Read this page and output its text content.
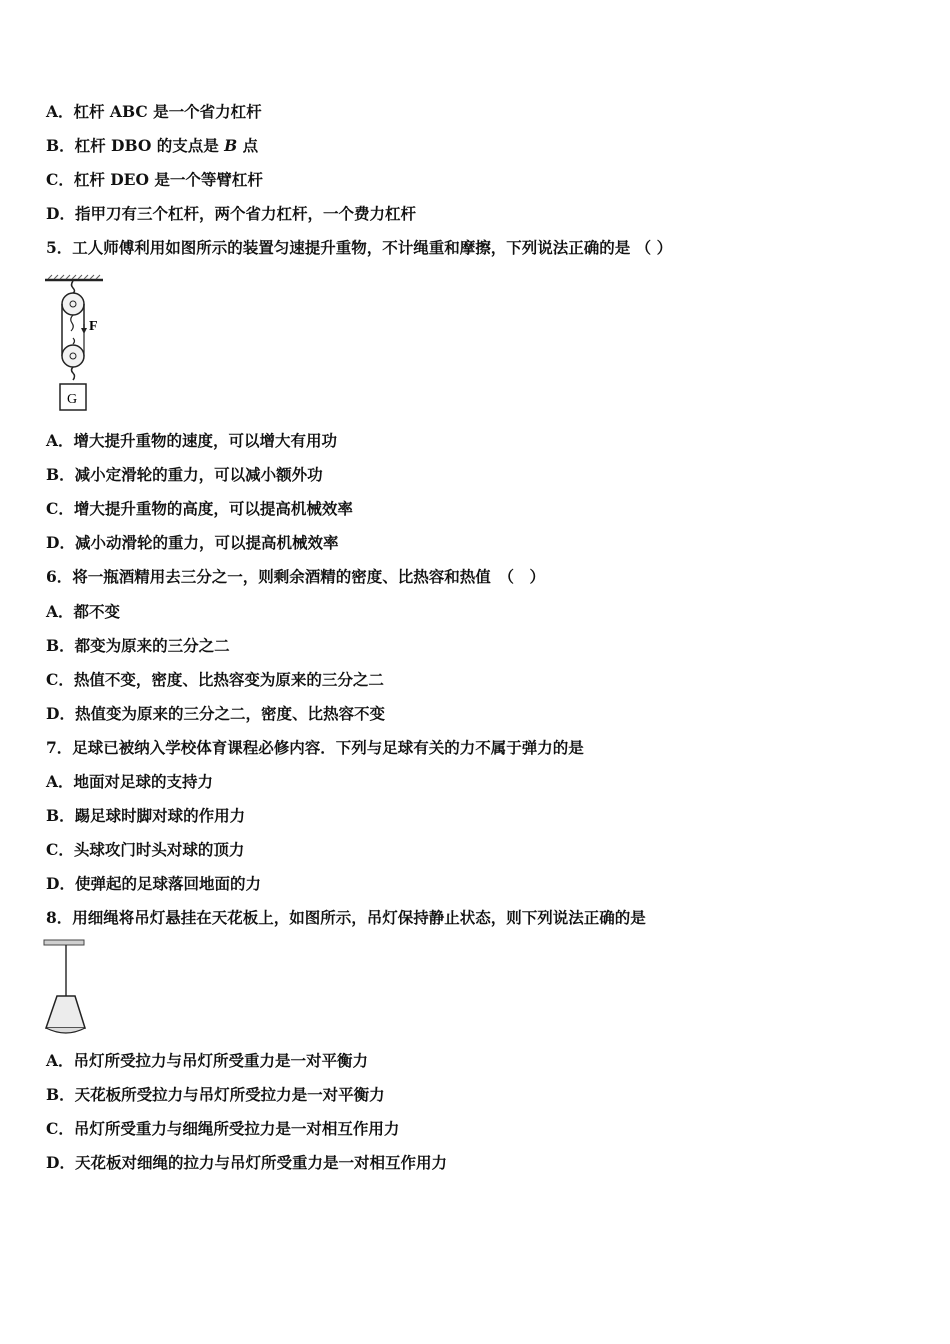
A．杠杆 ABC 是一个省力杠杆
B．杠杆 DBO 的支点是 B 点
C．杠杆 DEO 是一个等臂杠杆
D．指甲刀有三个杠杆，两个省力杠杆，一个费力杠杆
5．工人师傅利用如图所示的装置匀速提升重物，不计绳重和摩擦，下列说法正确的是 （ ）
F
G
A．增大提升重物的速度，可以增大有用功
B．减小定滑轮的重力，可以减小额外功
C．增大提升重物的高度，可以提高机械效率
D．减小动滑轮的重力，可以提高机械效率
6．将一瓶酒精用去三分之一，则剩余酒精的密度、比热容和热值　（　）
A．都不变
B．都变为原来的三分之二
C．热值不变，密度、比热容变为原来的三分之二
D．热值变为原来的三分之二，密度、比热容不变
7．足球已被纳入学校体育课程必修内容．下列与足球有关的力不属于弹力的是
A．地面对足球的支持力
B．踢足球时脚对球的作用力
C．头球攻门时头对球的顶力
D．使弹起的足球落回地面的力
8．用细绳将吊灯悬挂在天花板上，如图所示，吊灯保持静止状态，则下列说法正确的是
A．吊灯所受拉力与吊灯所受重力是一对平衡力
B．天花板所受拉力与吊灯所受拉力是一对平衡力
C．吊灯所受重力与细绳所受拉力是一对相互作用力
D．天花板对细绳的拉力与吊灯所受重力是一对相互作用力
